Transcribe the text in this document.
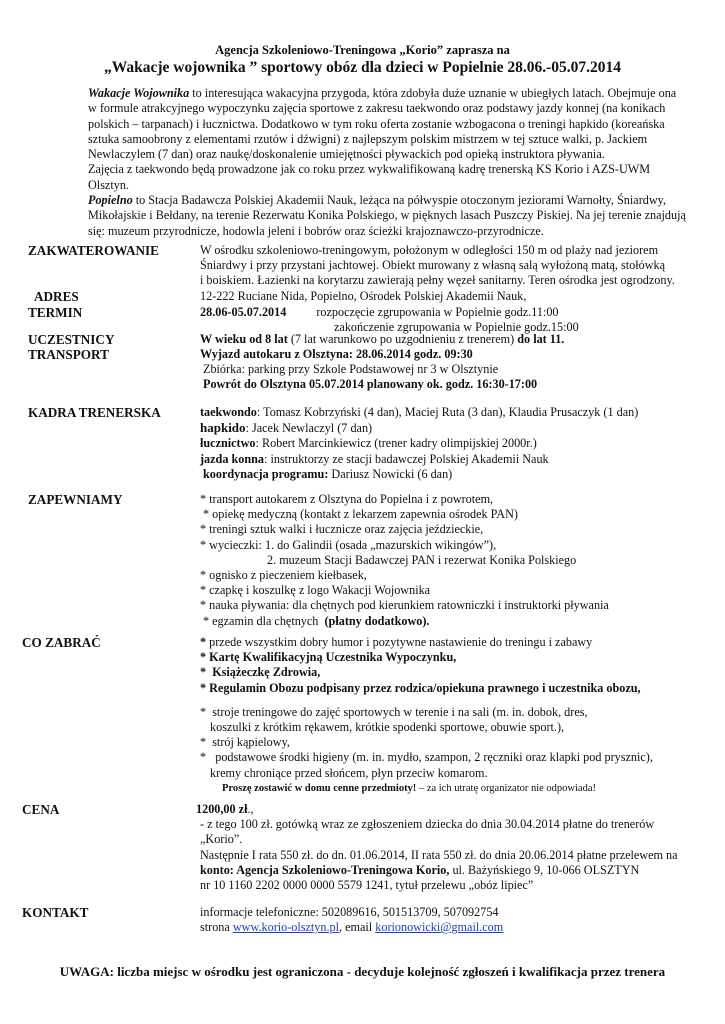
Agencja Szkoleniowo-Treningowa „Korio” zaprasza na
„Wakacje wojownika ” sportowy obóz dla dzieci w Popielnie 28.06.-05.07.2014

Wakacje Wojownika to interesująca wakacyjna przygoda, która zdobyła duże uznanie w ubiegłych latach. Obejmuje ona w formule atrakcyjnego wypoczynku zajęcia sportowe z zakresu taekwondo oraz podstawy jazdy konnej (na konikach polskich – tarpanach) i łucznictwa. Dodatkowo w tym roku oferta zostanie wzbogacona o treningi hapkido (koreańska sztuka samoobrony z elementami rzutów i dźwigni) z najlepszym polskim mistrzem w tej sztuce walki, p. Jackiem Newlaczylem (7 dan) oraz naukę/doskonalenie umiejętności pływackich pod opieką instruktora pływania.

Zajęcia z taekwondo będą prowadzone jak co roku przez wykwalifikowaną kadrę trenerską KS Korio i AZS-UWM Olsztyn.

Popielno to Stacja Badawcza Polskiej Akademii Nauk, leżąca na półwyspie otoczonym jeziorami Warnołty, Śniardwy, Mikołajskie i Bełdany, na terenie Rezerwatu Konika Polskiego, w pięknych lasach Puszczy Piskiej. Na jej terenie znajdują się: muzeum przyrodnicze, hodowla jeleni i bobrów oraz ścieżki krajoznawczo-przyrodnicze.

ZAKWATEROWANIE	W ośrodku szkoleniowo-treningowym, położonym w odległości 150 m od plaży nad jeziorem
Śniardwy i przy przystani jachtowej. Obiekt murowany z własną salą wyłożoną matą, stołówką
i boiskiem. Łazienki na korytarzu zawierają pełny węzeł sanitarny. Teren ośrodka jest ogrodzony.
ADRES	12-222 Ruciane Nida, Popielno, Ośrodek Polskiej Akademii Nauk,
TERMIN	28.06-05.07.2014 rozpoczęcie zgrupowania w Popielnie godz.11:00
zakończenie zgrupowania w Popielnie godz.15:00
UCZESTNICY	W wieku od 8 lat (7 lat warunkowo po uzgodnieniu z trenerem) do lat 11.
TRANSPORT	Wyjazd autokaru z Olsztyna: 28.06.2014 godz. 09:30
Zbiórka: parking przy Szkole Podstawowej nr 3 w Olsztynie
Powrót do Olsztyna 05.07.2014 planowany ok. godz. 16:30-17:00
KADRA TRENERSKA	taekwondo: Tomasz Kobrzyński (4 dan), Maciej Ruta (3 dan), Klaudia Prusaczyk (1 dan)
hapkido: Jacek Newlaczyl (7 dan)
łucznictwo: Robert Marcinkiewicz (trener kadry olimpijskiej 2000r.)
jazda konna: instruktorzy ze stacji badawczej Polskiej Akademii Nauk
koordynacja programu: Dariusz Nowicki (6 dan)
ZAPEWNIAMY	* transport autokarem z Olsztyna do Popielna i z powrotem,
* opiekę medyczną (kontakt z lekarzem zapewnia ośrodek PAN)
* treningi sztuk walki i łucznicze oraz zajęcia jeździeckie,
* wycieczki: 1. do Galindii (osada „mazurskich wikingów”),
2. muzeum Stacji Badawczej PAN i rezerwat Konika Polskiego
* ognisko z pieczeniem kiełbasek,
* czapkę i koszulkę z logo Wakacji Wojownika
* nauka pływania: dla chętnych pod kierunkiem ratowniczki i instruktorki pływania
* egzamin dla chętnych (płatny dodatkowo).
CO ZABRAĆ	* przede wszystkim dobry humor i pozytywne nastawienie do treningu i zabawy
* Kartę Kwalifikacyjną Uczestnika Wypoczynku,
*  Książeczkę Zdrowia,
* Regulamin Obozu podpisany przez rodzica/opiekuna prawnego i uczestnika obozu,
*  stroje treningowe do zajęć sportowych w terenie i na sali (m. in. dobok, dres,
koszulki z krótkim rękawem, krótkie spodenki sportowe, obuwie sport.),
*  strój kąpielowy,
*   podstawowe środki higieny (m. in. mydło, szampon, 2 ręczniki oraz klapki pod prysznic),
kremy chroniące przed słońcem, płyn przeciw komarom.
Proszę zostawić w domu cenne przedmioty! – za ich utratę organizator nie odpowiada!
CENA	1200,00 zł.,
- z tego 100 zł. gotówką wraz ze zgłoszeniem dziecka do dnia 30.04.2014 płatne do trenerów
„Korio”.
Następnie I rata 550 zł. do dn. 01.06.2014, II rata 550 zł. do dnia 20.06.2014 płatne przelewem na
konto: Agencja Szkoleniowo-Treningowa Korio, ul. Bażyńskiego 9, 10-066 OLSZTYN
nr 10 1160 2202 0000 0000 5579 1241, tytuł przelewu „obóz lipiec”
KONTAKT	informacje telefoniczne: 502089616, 501513709, 507092754
strona www.korio-olsztyn.pl, email korionowicki@gmail.com
UWAGA: liczba miejsc w ośrodku jest ograniczona - decyduje kolejność zgłoszeń i kwalifikacja przez trenera
